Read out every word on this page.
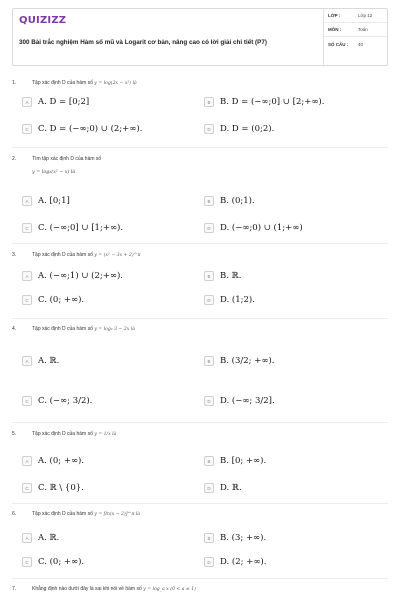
QUIZIZZ
300 Bài trắc nghiệm Hàm số mũ và Logarit cơ bản, nâng cao có lời giải chi tiết (P7)
LỚP :	Lớp 12
MÔN :	Toán
SỐ CÂU :	40
1.	Tập xác định D của hàm số y = log(2x − x²) là
A	A. D = [0;2]	B	B. D = (−∞;0] ∪ [2;+∞).
C	C. D = (−∞;0) ∪ (2;+∞).	D	D. D = (0;2).
2.	Tìm tập xác định D của hàm số
y = log₃(x² − x) là
A	A. [0;1]	B	B. (0;1).
C	C. (−∞;0] ∪ [1;+∞).	D	D. (−∞;0) ∪ (1;+∞)
3.	Tập xác định D của hàm số y = (x² − 3x + 2)^π
A	A. (−∞;1) ∪ (2;+∞).	B	B. ℝ.
C	C. (0; +∞).	D	D. (1;2).
4.	Tập xác định D của hàm số y = log₂ 3 − 2x là
A	A. ℝ.	B	B. (3/2; +∞).
C	C. (−∞; 3/2).	D	D. (−∞; 3/2].
5.	Tập xác định D của hàm số y = 1/x là
A	A. (0; +∞).	B	B. [0; +∞).
C	C. ℝ \ {0}.	D	D. ℝ.
6.	Tập xác định D của hàm số y = [ln(x − 2)]^π là
A	A. ℝ.	B	B. (3; +∞).
C	C. (0; +∞).	D	D. (2; +∞).
7.	Khẳng định nào dưới đây là sai khi nói về hàm số y = log_a x (0 < a ≠ 1)
